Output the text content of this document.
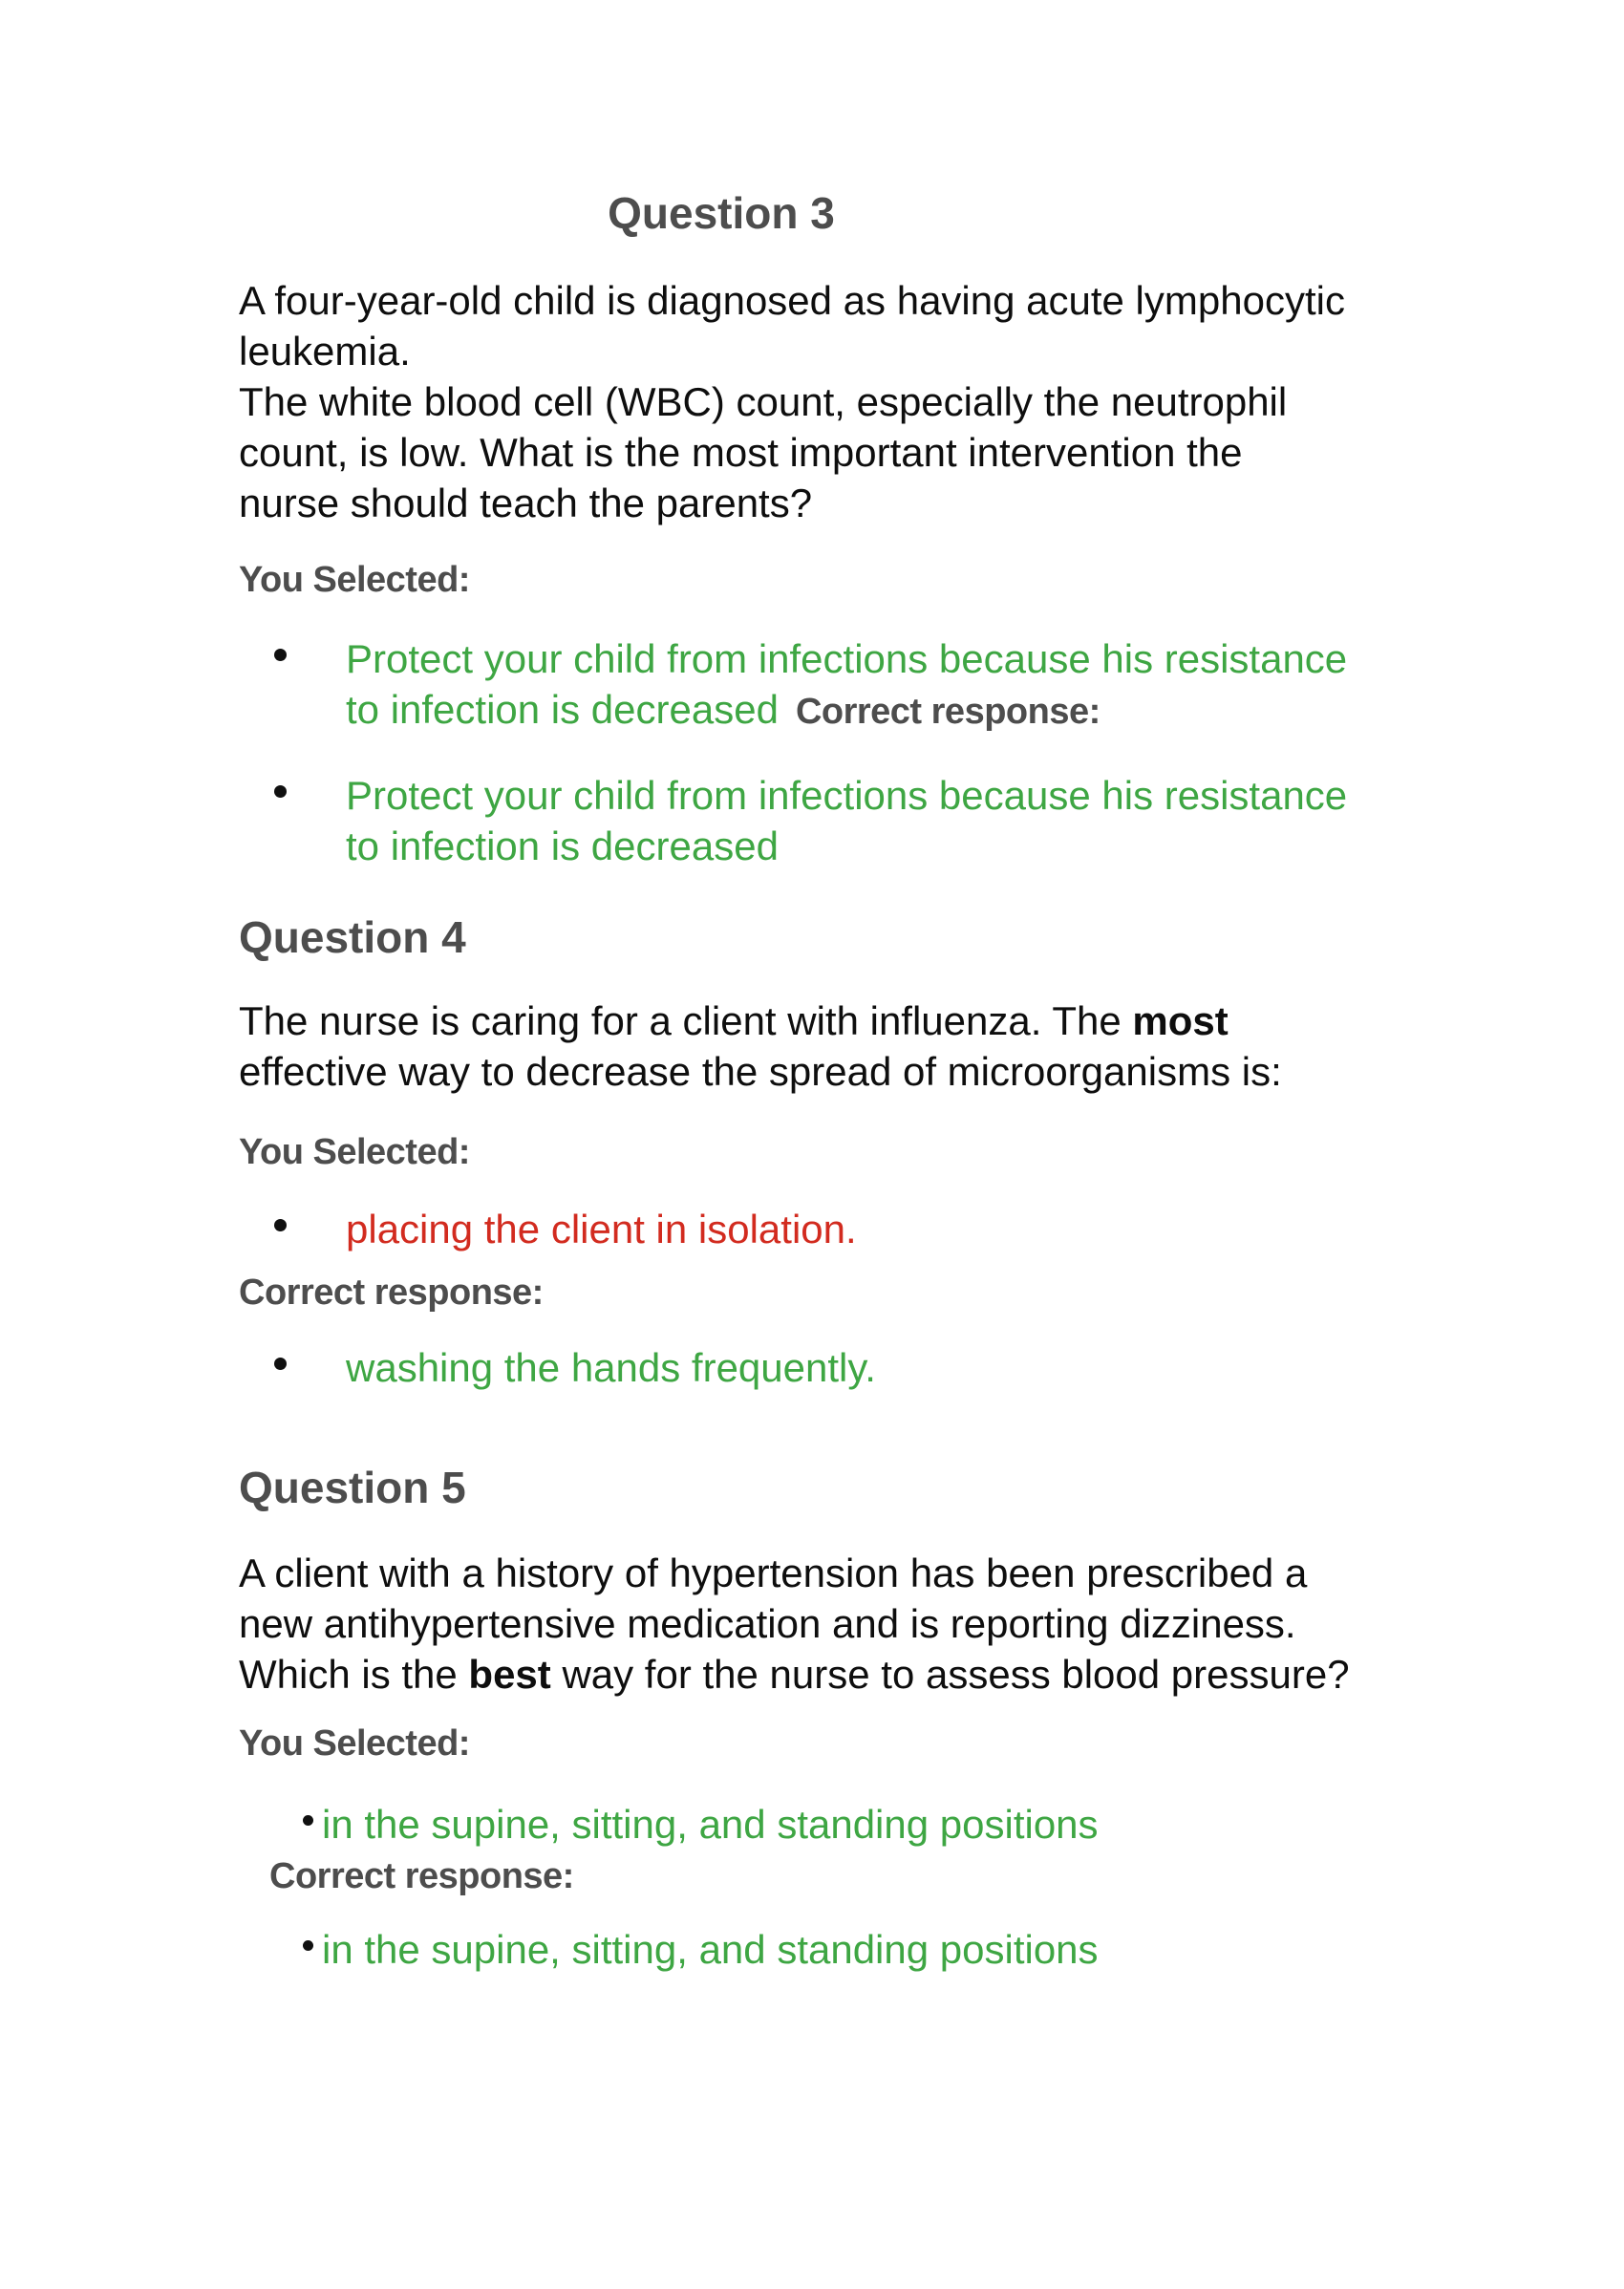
Question 3
A four-year-old child is diagnosed as having acute lymphocytic
leukemia.
The white blood cell (WBC) count, especially the neutrophil
count, is low. What is the most important intervention the
nurse should teach the parents?
You Selected:
Protect your child from infections because his resistance
to infection is decreased Correct response:
Protect your child from infections because his resistance
to infection is decreased
Question 4
The nurse is caring for a client with influenza. The most
effective way to decrease the spread of microorganisms is:
You Selected:
placing the client in isolation.
Correct response:
washing the hands frequently.
Question 5
A client with a history of hypertension has been prescribed a
new antihypertensive medication and is reporting dizziness.
Which is the best way for the nurse to assess blood pressure?
You Selected:
in the supine, sitting, and standing positions
Correct response:
in the supine, sitting, and standing positions
